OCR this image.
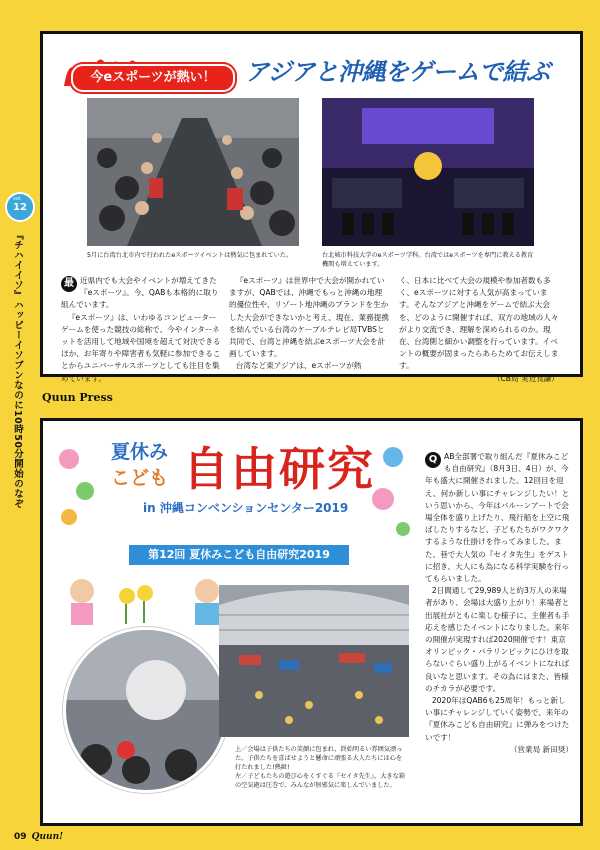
vol.
12
『チハイイソ』ハッピーイソブンなのに10時50分開始のなぞ
今eスポーツが熱い！	アジアと沖縄をゲームで結ぶ
5月に台湾台北市内で行われたeスポーツイベントは熱気に包まれていた。	台北城市科技大学のeスポーツ学科。台湾ではeスポーツを専門に教える教育機関も増えています。
最 近県内でも大会やイベントが増えてきた『eスポーツ』。今、QABも本格的に取り組んでいます。

『eスポーツ』は、いわゆるコンピューターゲームを使った競技の総称で、今やインターネットを活用して地域や国境を超えて対決できるほか、お年寄りや障害者も気軽に参加できることからユニバーサルスポーツとしても注目を集めています。

『eスポーツ』は世界中で大会が開かれていますが、QABでは、沖縄でもっと沖縄の地理的優位性や、リゾート地沖縄のブランドを生かした大会ができないかと考え、現在、業務提携を結んでいる台湾のケーブルテレビ局TVBSと共同で、台湾と沖縄を結ぶeスポーツ大会を計画しています。

台湾など東アジアは、eスポーツが熱

く、日本に比べて大会の規模や参加者数も多く、eスポーツに対する人気が高まっています。そんなアジアと沖縄をゲームで結ぶ大会を、どのように開催すれば、双方の地域の人々がより交流でき、理解を深められるのか。現在、台湾側と細かい調整を行っています。イベントの概要が固まったらあらためてお伝えします。

（CB局 実近良謙）
Quun Press
夏休み
こども 自由研究
in 沖縄コンベンションセンター2019
第12回 夏休みこども自由研究2019
上／会場は子供たちの笑顔に包まれ、終始明るい雰囲気漂った。子供たちを喜ばせようと懸命に頑張る大人たちには心を打たれました!熱級!
左／子どもたちの遊び心をくすぐる『セイタ先生』。大きな箱の空気砲は圧巻で、みんなが無邪気に楽しんでいました。
Q AB全部署で取り組んだ『夏休みこども自由研究』（8月3日、4日）が、今年も盛大に開催されました。12回目を迎え、何か新しい事にチャレンジしたい！という思いから、今年はバルーンアートで会場全体を盛り上げたり、飛行船を上空に飛ばしたりするなど、子どもたちがワクワクするような仕掛けを作ってみました。また、巷で大人気の『セイタ先生』をゲストに招き、大人にも為になる科学実験を行ってもらいました。

2日間通して29,989人と約3万人の来場者があり、会場は大盛り上がり！来場者と出展社がともに楽しむ様子に、主催者も手応えを感じたイベントになりました。来年の開催が実現すれば2020開催です！東京オリンピック・パラリンピックにひけを取らないぐらい盛り上がるイベントになれば良いなと思います。その為にはまた、皆様のチカラが必要です。

2020年はQAB6も25周年！もっと新しい事にチャレンジしていく姿勢で、来年の『夏休みこども自由研究』に弾みをつけたいです！

（営業局 新田奨）
09 Quun!
